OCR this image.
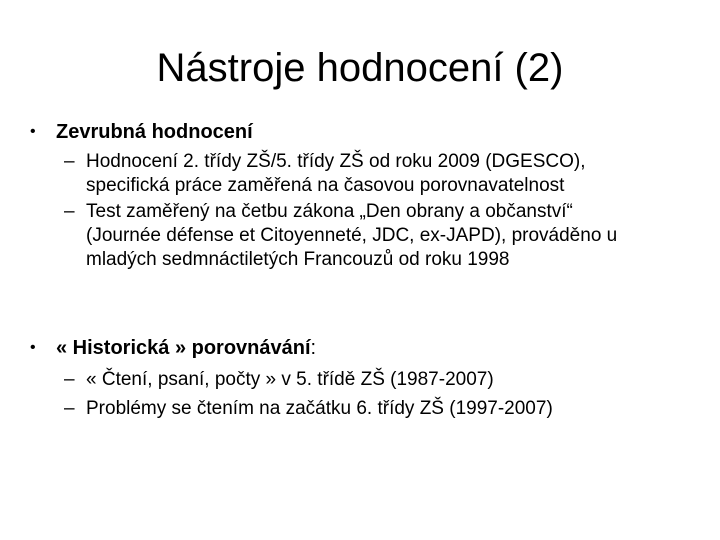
Nástroje hodnocení (2)
• Zevrubná hodnocení
– Hodnocení 2. třídy ZŠ/5. třídy ZŠ od roku 2009 (DGESCO),
specifická práce zaměřená na časovou porovnavatelnost
– Test zaměřený na četbu zákona „Den obrany a občanství“
(Journée défense et Citoyenneté, JDC, ex-JAPD), prováděno u
mladých sedmnáctiletých Francouzů od roku 1998
• « Historická » porovnávání:
– « Čtení, psaní, počty » v 5. třídě ZŠ (1987-2007)
– Problémy se čtením na začátku 6. třídy ZŠ (1997-2007)
